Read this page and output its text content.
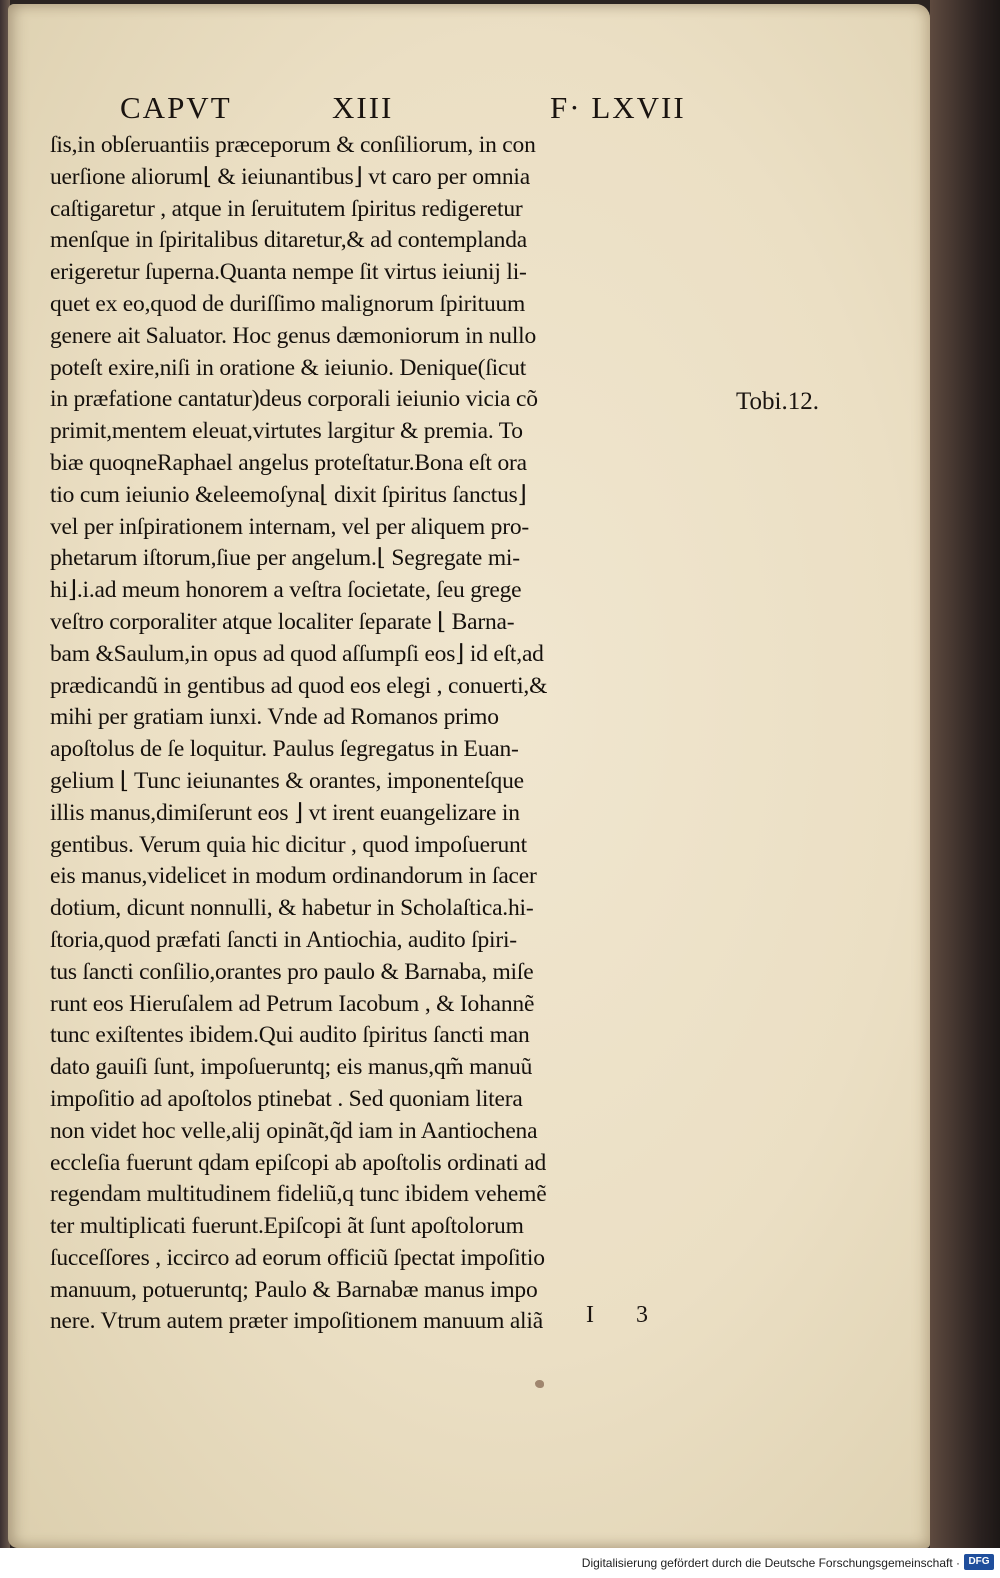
CAPVT	XIII	F· LXVII
ſis,in obſeruantiis præceporum & conſiliorum, in con
uerſione aliorum⌊ & ieiunantibus⌋ vt caro per omnia
caſtigaretur , atque in ſeruitutem ſpiritus redigeretur
menſque in ſpiritalibus ditaretur,& ad contemplanda
erigeretur ſuperna.Quanta nempe ſit virtus ieiunij li-
quet ex eo,quod de duriſſimo malignorum ſpirituum
genere ait Saluator. Hoc genus dæmoniorum in nullo
poteſt exire,niſi in oratione & ieiunio. Denique(ſicut
in præfatione cantatur)deus corporali ieiunio vicia cõ
primit,mentem eleuat,virtutes largitur & premia. To
biæ quoqneRaphael angelus proteſtatur.Bona eſt ora
tio cum ieiunio &eleemoſyna⌊ dixit ſpiritus ſanctus⌋
vel per inſpirationem internam, vel per aliquem pro-
phetarum iſtorum,ſiue per angelum.⌊ Segregate mi-
hi⌋.i.ad meum honorem a veſtra ſocietate, ſeu grege
veſtro corporaliter atque localiter ſeparate ⌊ Barna-
bam &Saulum,in opus ad quod aſſumpſi eos⌋ id eſt,ad
prædicandũ in gentibus ad quod eos elegi , conuerti,&
mihi per gratiam iunxi. Vnde ad Romanos primo
apoſtolus de ſe loquitur. Paulus ſegregatus in Euan-
gelium ⌊ Tunc ieiunantes & orantes, imponenteſque
illis manus,dimiſerunt eos ⌋ vt irent euangelizare in
gentibus. Verum quia hic dicitur , quod impoſuerunt
eis manus,videlicet in modum ordinandorum in ſacer
dotium, dicunt nonnulli, & habetur in Scholaſtica.hi-
ſtoria,quod præfati ſancti in Antiochia, audito ſpiri-
tus ſancti conſilio,orantes pro paulo & Barnaba, miſe
runt eos Hieruſalem ad Petrum Iacobum , & Iohannẽ
tunc exiſtentes ibidem.Qui audito ſpiritus ſancti man
dato gauiſi ſunt, impoſueruntq; eis manus,qm̃ manuũ
impoſitio ad apoſtolos ptinebat . Sed quoniam litera
non videt hoc velle,alij opinãt,q̃d iam in Aantiochena
eccleſia fuerunt qdam epiſcopi ab apoſtolis ordinati ad
regendam multitudinem fideliũ,q tunc ibidem vehemẽ
ter multiplicati fuerunt.Epiſcopi ãt ſunt apoſtolorum
ſucceſſores , iccirco ad eorum officiũ ſpectat impoſitio
manuum, potueruntq; Paulo & Barnabæ manus impo
nere. Vtrum autem præter impoſitionem manuum aliã
Tobi.12.
I 3
Digitalisierung gefördert durch die Deutsche Forschungsgemeinschaft · DFG
